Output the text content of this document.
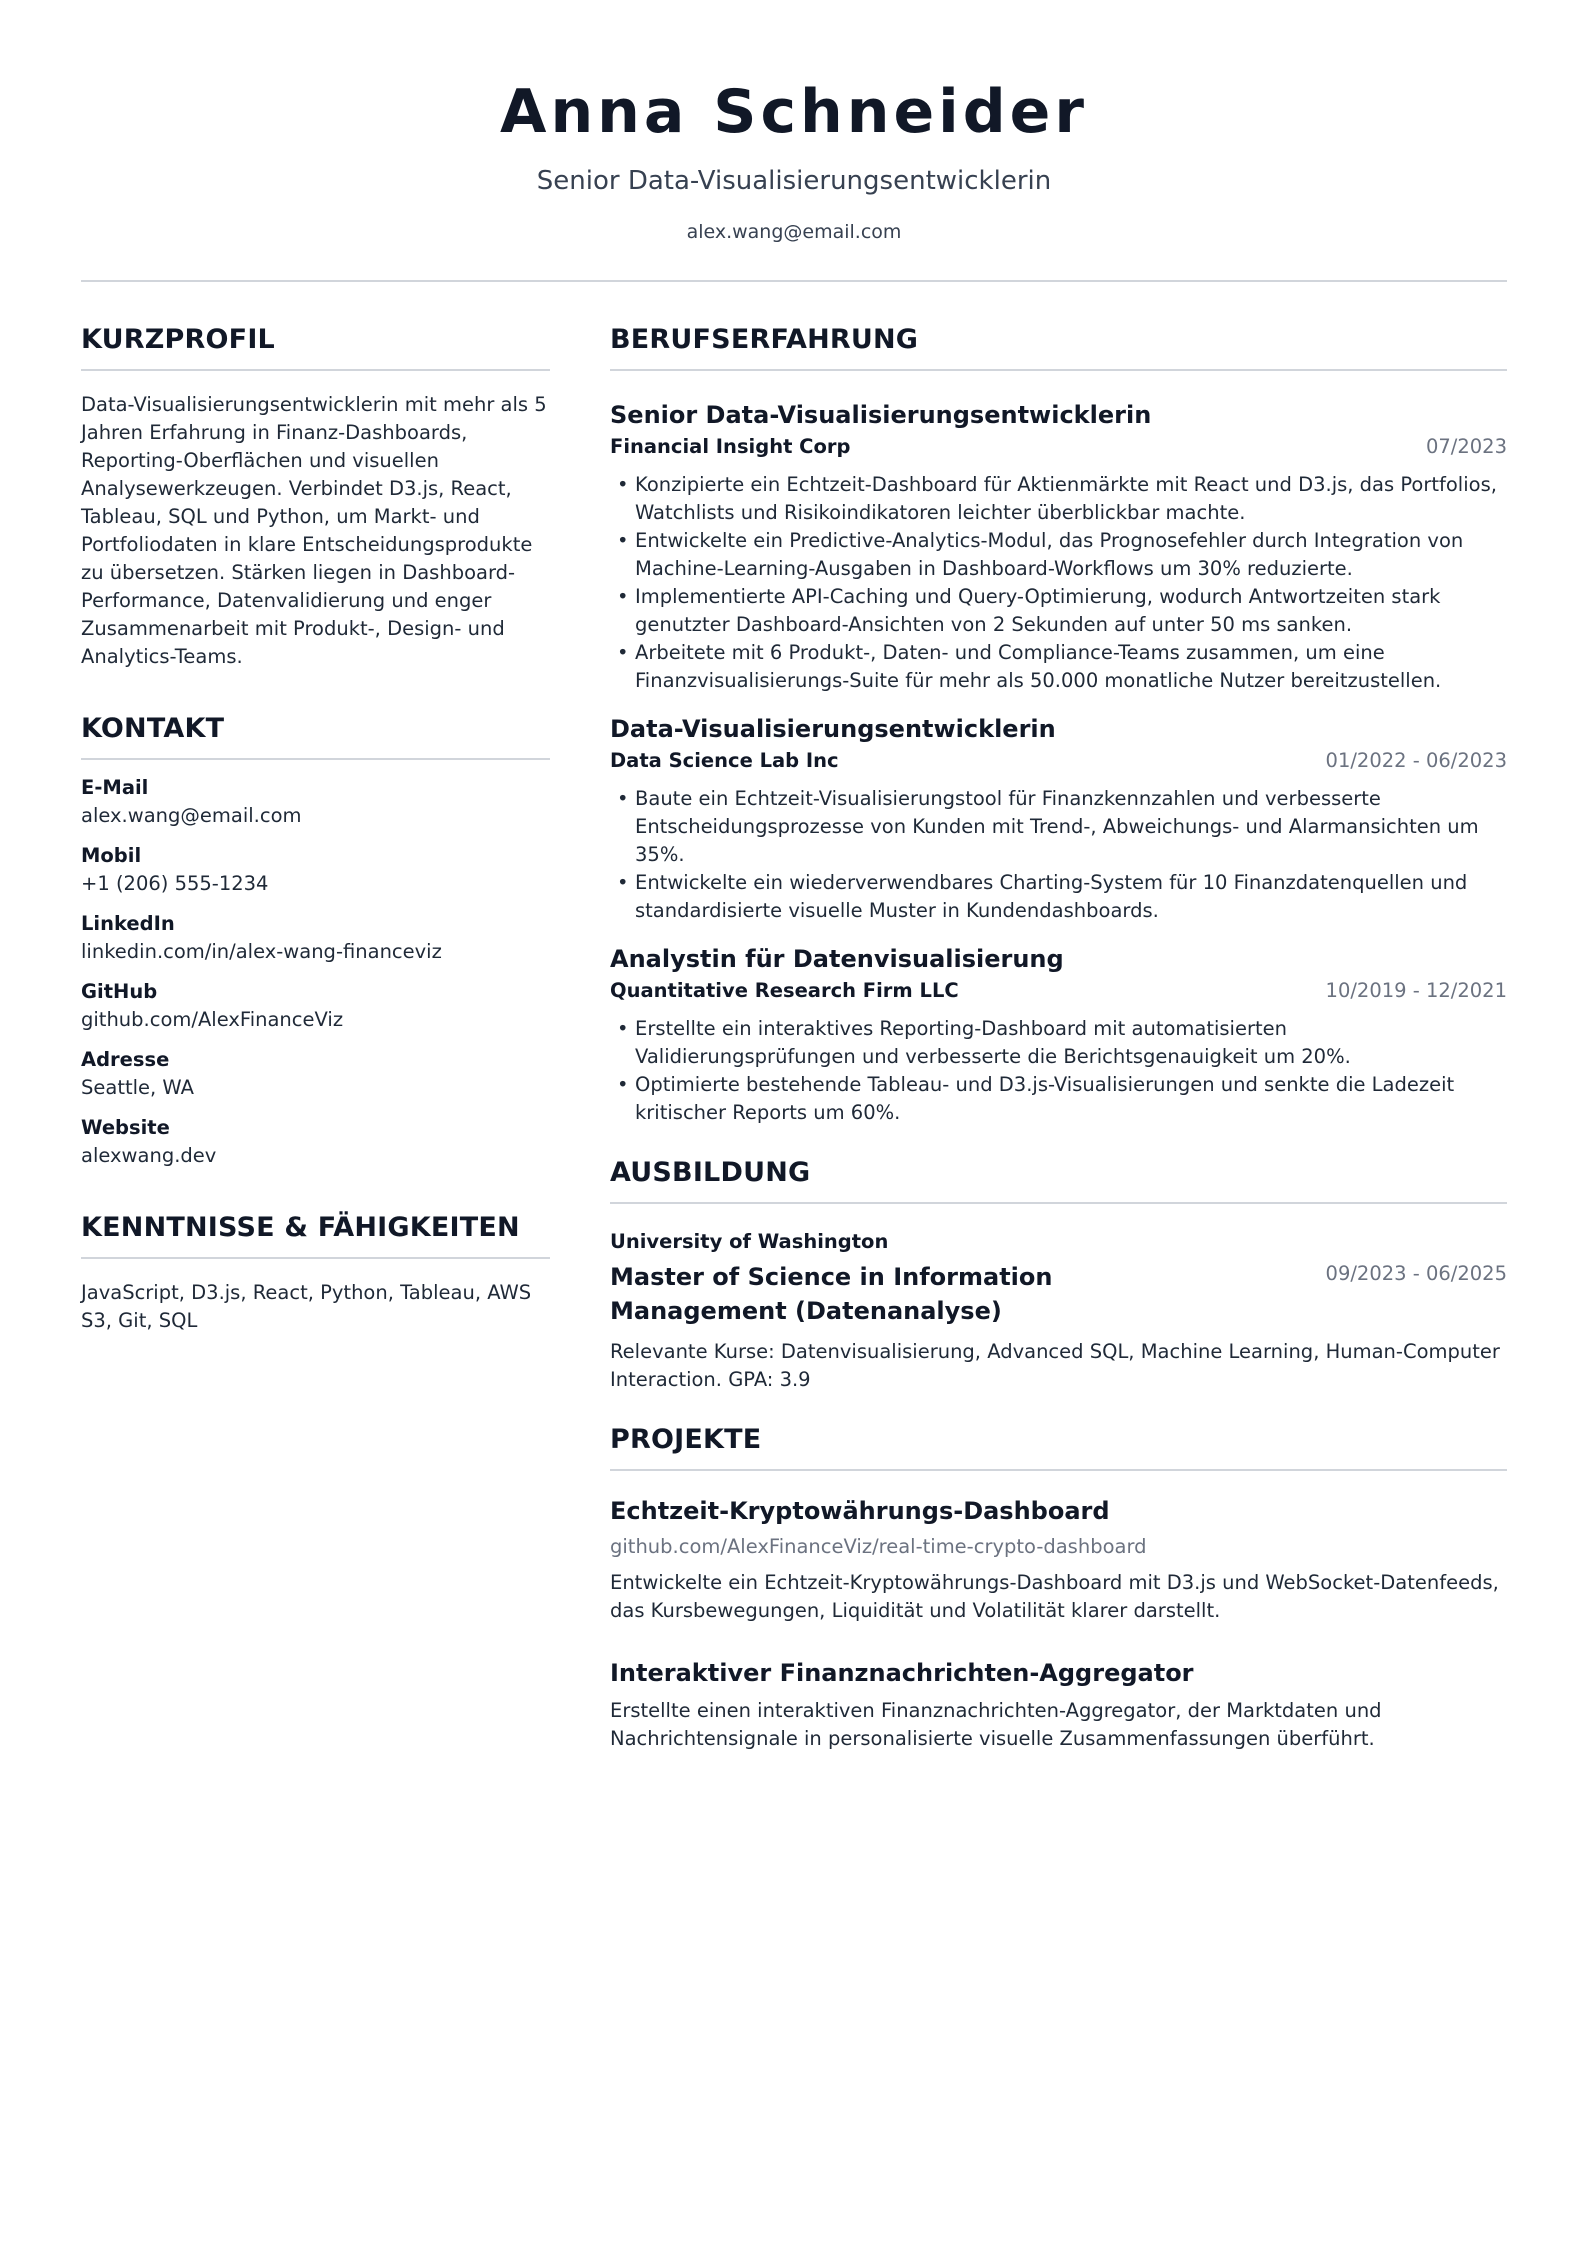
Anna Schneider
Senior Data-Visualisierungsentwicklerin
alex.wang@email.com
KURZPROFIL
Data-Visualisierungsentwicklerin mit mehr als 5 Jahren Erfahrung in Finanz-Dashboards, Reporting-Oberflächen und visuellen Analysewerkzeugen. Verbindet D3.js, React, Tableau, SQL und Python, um Markt- und Portfoliodaten in klare Entscheidungsprodukte zu übersetzen. Stärken liegen in Dashboard-Performance, Datenvalidierung und enger Zusammenarbeit mit Produkt-, Design- und Analytics-Teams.
KONTAKT
E-Mail
alex.wang@email.com
Mobil
+1 (206) 555-1234
LinkedIn
linkedin.com/in/alex-wang-financeviz
GitHub
github.com/AlexFinanceViz
Adresse
Seattle, WA
Website
alexwang.dev
KENNTNISSE & FÄHIGKEITEN
JavaScript, D3.js, React, Python, Tableau, AWS S3, Git, SQL
BERUFSERFAHRUNG
Senior Data-Visualisierungsentwicklerin
Financial Insight Corp	07/2023
• Konzipierte ein Echtzeit-Dashboard für Aktienmärkte mit React und D3.js, das Portfolios, Watchlists und Risikoindikatoren leichter überblickbar machte.
• Entwickelte ein Predictive-Analytics-Modul, das Prognosefehler durch Integration von Machine-Learning-Ausgaben in Dashboard-Workflows um 30% reduzierte.
• Implementierte API-Caching und Query-Optimierung, wodurch Antwortzeiten stark genutzter Dashboard-Ansichten von 2 Sekunden auf unter 50 ms sanken.
• Arbeitete mit 6 Produkt-, Daten- und Compliance-Teams zusammen, um eine Finanzvisualisierungs-Suite für mehr als 50.000 monatliche Nutzer bereitzustellen.
Data-Visualisierungsentwicklerin
Data Science Lab Inc	01/2022 - 06/2023
• Baute ein Echtzeit-Visualisierungstool für Finanzkennzahlen und verbesserte Entscheidungsprozesse von Kunden mit Trend-, Abweichungs- und Alarmansichten um 35%.
• Entwickelte ein wiederverwendbares Charting-System für 10 Finanzdatenquellen und standardisierte visuelle Muster in Kundendashboards.
Analystin für Datenvisualisierung
Quantitative Research Firm LLC	10/2019 - 12/2021
• Erstellte ein interaktives Reporting-Dashboard mit automatisierten Validierungsprüfungen und verbesserte die Berichtsgenauigkeit um 20%.
• Optimierte bestehende Tableau- und D3.js-Visualisierungen und senkte die Ladezeit kritischer Reports um 60%.
AUSBILDUNG
University of Washington
Master of Science in Information Management (Datenanalyse)
09/2023 - 06/2025
Relevante Kurse: Datenvisualisierung, Advanced SQL, Machine Learning, Human-Computer Interaction. GPA: 3.9
PROJEKTE
Echtzeit-Kryptowährungs-Dashboard
github.com/AlexFinanceViz/real-time-crypto-dashboard
Entwickelte ein Echtzeit-Kryptowährungs-Dashboard mit D3.js und WebSocket-Datenfeeds, das Kursbewegungen, Liquidität und Volatilität klarer darstellt.
Interaktiver Finanznachrichten-Aggregator
Erstellte einen interaktiven Finanznachrichten-Aggregator, der Marktdaten und Nachrichtensignale in personalisierte visuelle Zusammenfassungen überführt.
